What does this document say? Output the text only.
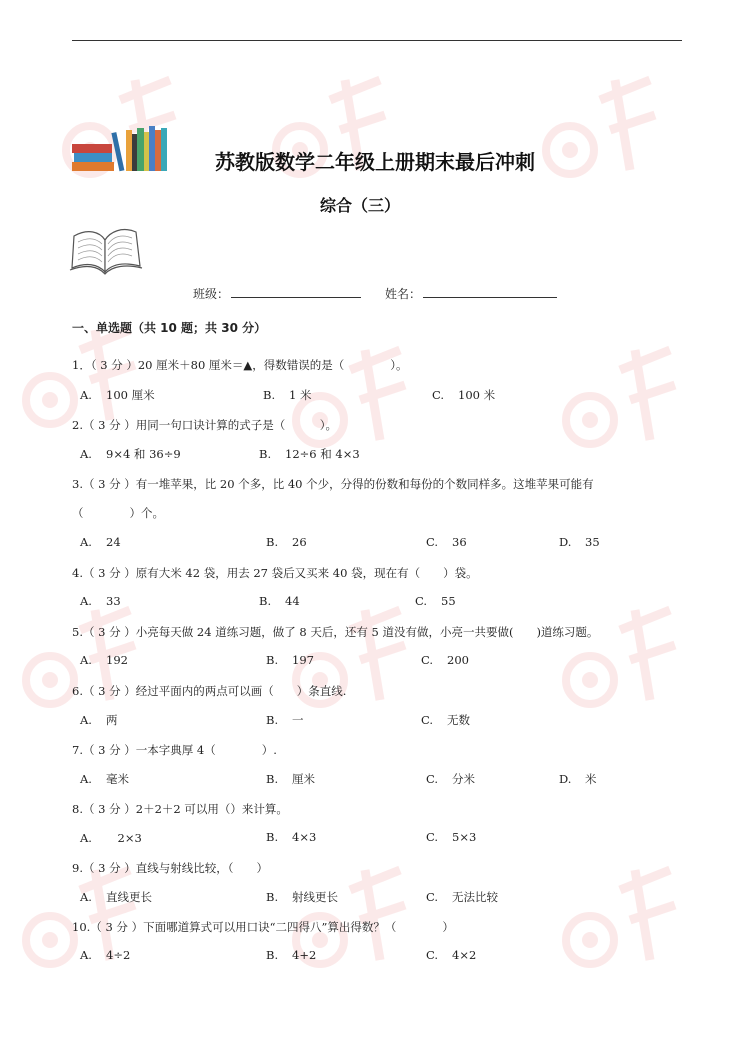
苏教版数学二年级上册期末最后冲刺
综合（三）
班级：	姓名：
一、单选题（共 10 题；共 30 分）
1．（ 3 分 ）20 厘米＋80 厘米＝▲，得数错误的是（　　　　）。
A. 100 厘米	B. 1 米	C. 100 米
2.（ 3 分 ）用同一句口诀计算的式子是（　　　）。
A. 9×4 和 36÷9	B. 12÷6 和 4×3
3.（ 3 分 ）有一堆苹果，比 20 个多，比 40 个少，分得的份数和每份的个数同样多。这堆苹果可能有
（　　　　）个。
A. 24	B. 26	C. 36	D. 35
4.（ 3 分 ）原有大米 42 袋，用去 27 袋后又买来 40 袋，现在有（　　）袋。
A. 33	B. 44	C. 55
5.（ 3 分 ）小亮每天做 24 道练习题，做了 8 天后，还有 5 道没有做，小亮一共要做(　　)道练习题。
A. 192	B. 197	C. 200
6.（ 3 分 ）经过平面内的两点可以画（　　）条直线.
A. 两	B. 一	C. 无数
7.（ 3 分 ）一本字典厚 4（　　　　）.
A. 毫米	B. 厘米	C. 分米	D. 米
8.（ 3 分 ）2＋2＋2 可以用（）来计算。
A.　2×3	B. 4×3	C. 5×3
9.（ 3 分 ）直线与射线比较，（　　）
A. 直线更长	B. 射线更长	C. 无法比较
10.（ 3 分 ）下面哪道算式可以用口诀“二四得八”算出得数？（　　　　）
A. 4÷2	B. 4+2	C. 4×2
